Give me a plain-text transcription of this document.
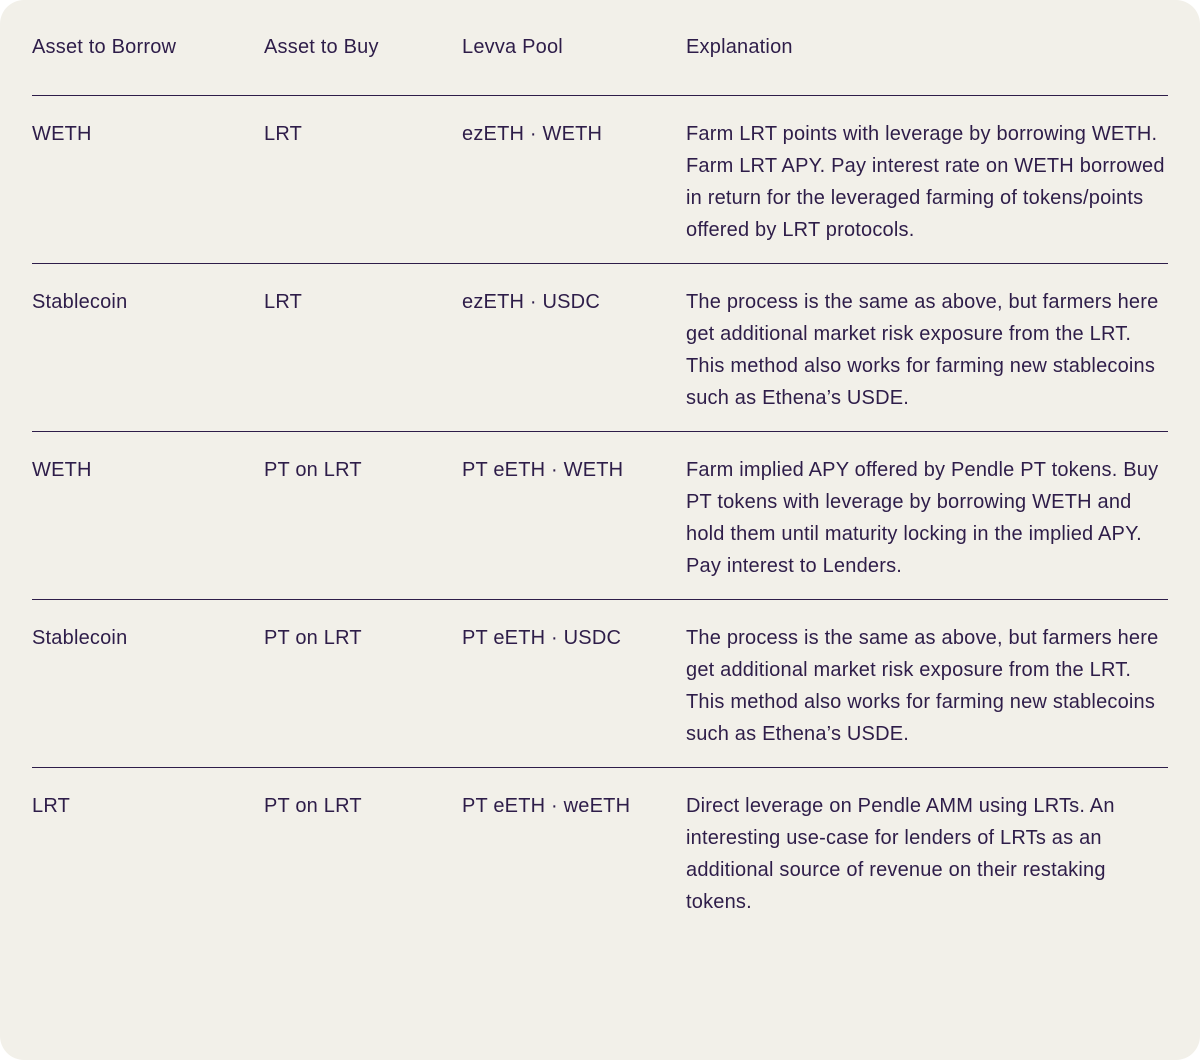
Asset to Borrow	Asset to Buy	Levva Pool	Explanation
WETH	LRT	ezETH · WETH	Farm LRT points with leverage by borrowing WETH. Farm LRT APY. Pay interest rate on WETH borrowed in return for the leveraged farming of tokens/points offered by LRT protocols.
Stablecoin	LRT	ezETH · USDC	The process is the same as above, but farmers here get additional market risk exposure from the LRT. This method also works for farming new stablecoins such as Ethena’s USDE.
WETH	PT on LRT	PT eETH · WETH	Farm implied APY offered by Pendle PT tokens. Buy PT tokens with leverage by borrowing WETH and hold them until maturity locking in the implied APY. Pay interest to Lenders.
Stablecoin	PT on LRT	PT eETH · USDC	The process is the same as above, but farmers here get additional market risk exposure from the LRT. This method also works for farming new stablecoins such as Ethena’s USDE.
LRT	PT on LRT	PT eETH · weETH	Direct leverage on Pendle AMM using LRTs. An interesting use-case for lenders of LRTs as an additional source of revenue on their restaking tokens.
